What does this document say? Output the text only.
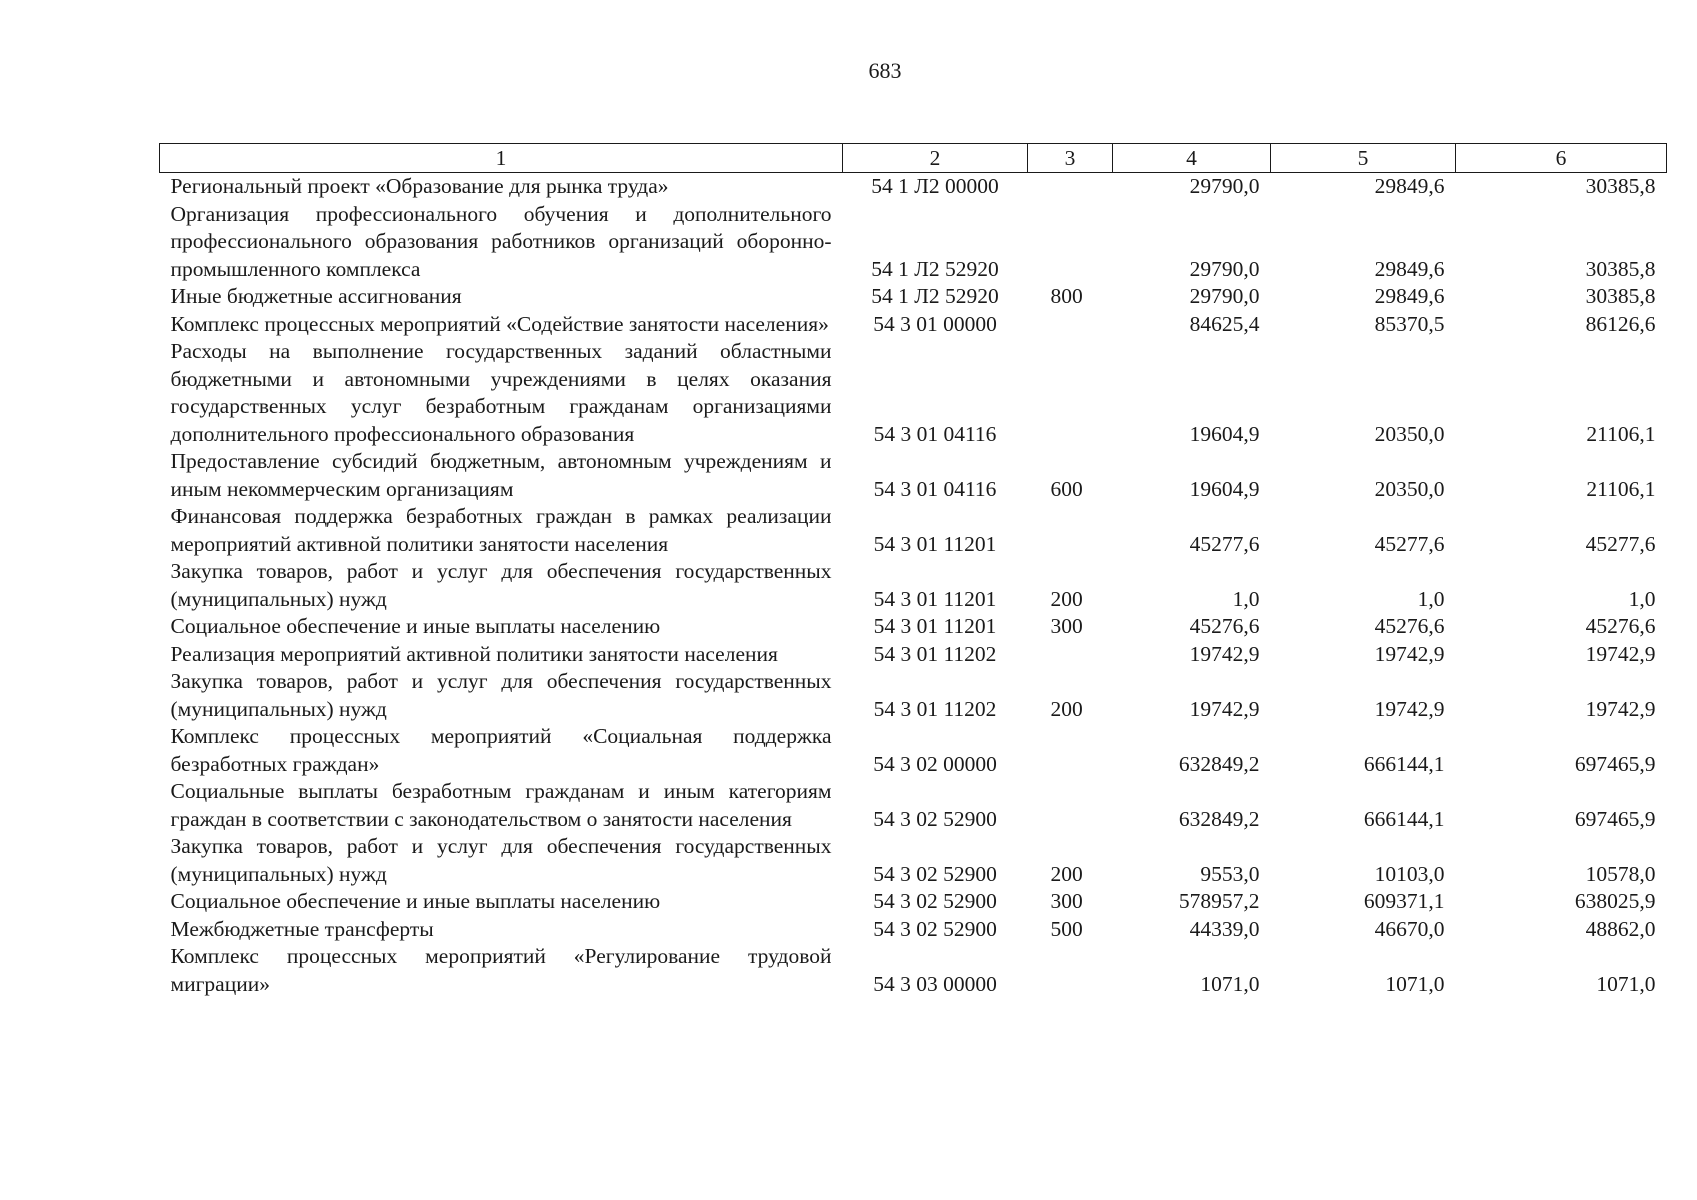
683
1	2	3	4	5	6
Региональный проект «Образование для рынка труда»	54 1 Л2 00000		29790,0	29849,6	30385,8
Организация профессионального обучения и дополнительного профессионального образования работников организаций оборонно-промышленного комплекса	54 1 Л2 52920		29790,0	29849,6	30385,8
Иные бюджетные ассигнования	54 1 Л2 52920	800	29790,0	29849,6	30385,8
Комплекс процессных мероприятий «Содействие занятости населения»	54 3 01 00000		84625,4	85370,5	86126,6
Расходы на выполнение государственных заданий областными бюджетными и автономными учреждениями в целях оказания государственных услуг безработным гражданам организациями дополнительного профессионального образования	54 3 01 04116		19604,9	20350,0	21106,1
Предоставление субсидий бюджетным, автономным учреждениям и иным некоммерческим организациям	54 3 01 04116	600	19604,9	20350,0	21106,1
Финансовая поддержка безработных граждан в рамках реализации мероприятий активной политики занятости населения	54 3 01 11201		45277,6	45277,6	45277,6
Закупка товаров, работ и услуг для обеспечения государственных (муниципальных) нужд	54 3 01 11201	200	1,0	1,0	1,0
Социальное обеспечение и иные выплаты населению	54 3 01 11201	300	45276,6	45276,6	45276,6
Реализация мероприятий активной политики занятости населения	54 3 01 11202		19742,9	19742,9	19742,9
Закупка товаров, работ и услуг для обеспечения государственных (муниципальных) нужд	54 3 01 11202	200	19742,9	19742,9	19742,9
Комплекс процессных мероприятий «Социальная поддержка безработных граждан»	54 3 02 00000		632849,2	666144,1	697465,9
Социальные выплаты безработным гражданам и иным категориям граждан в соответствии с законодательством о занятости населения	54 3 02 52900		632849,2	666144,1	697465,9
Закупка товаров, работ и услуг для обеспечения государственных (муниципальных) нужд	54 3 02 52900	200	9553,0	10103,0	10578,0
Социальное обеспечение и иные выплаты населению	54 3 02 52900	300	578957,2	609371,1	638025,9
Межбюджетные трансферты	54 3 02 52900	500	44339,0	46670,0	48862,0
Комплекс процессных мероприятий «Регулирование трудовой миграции»	54 3 03 00000		1071,0	1071,0	1071,0
